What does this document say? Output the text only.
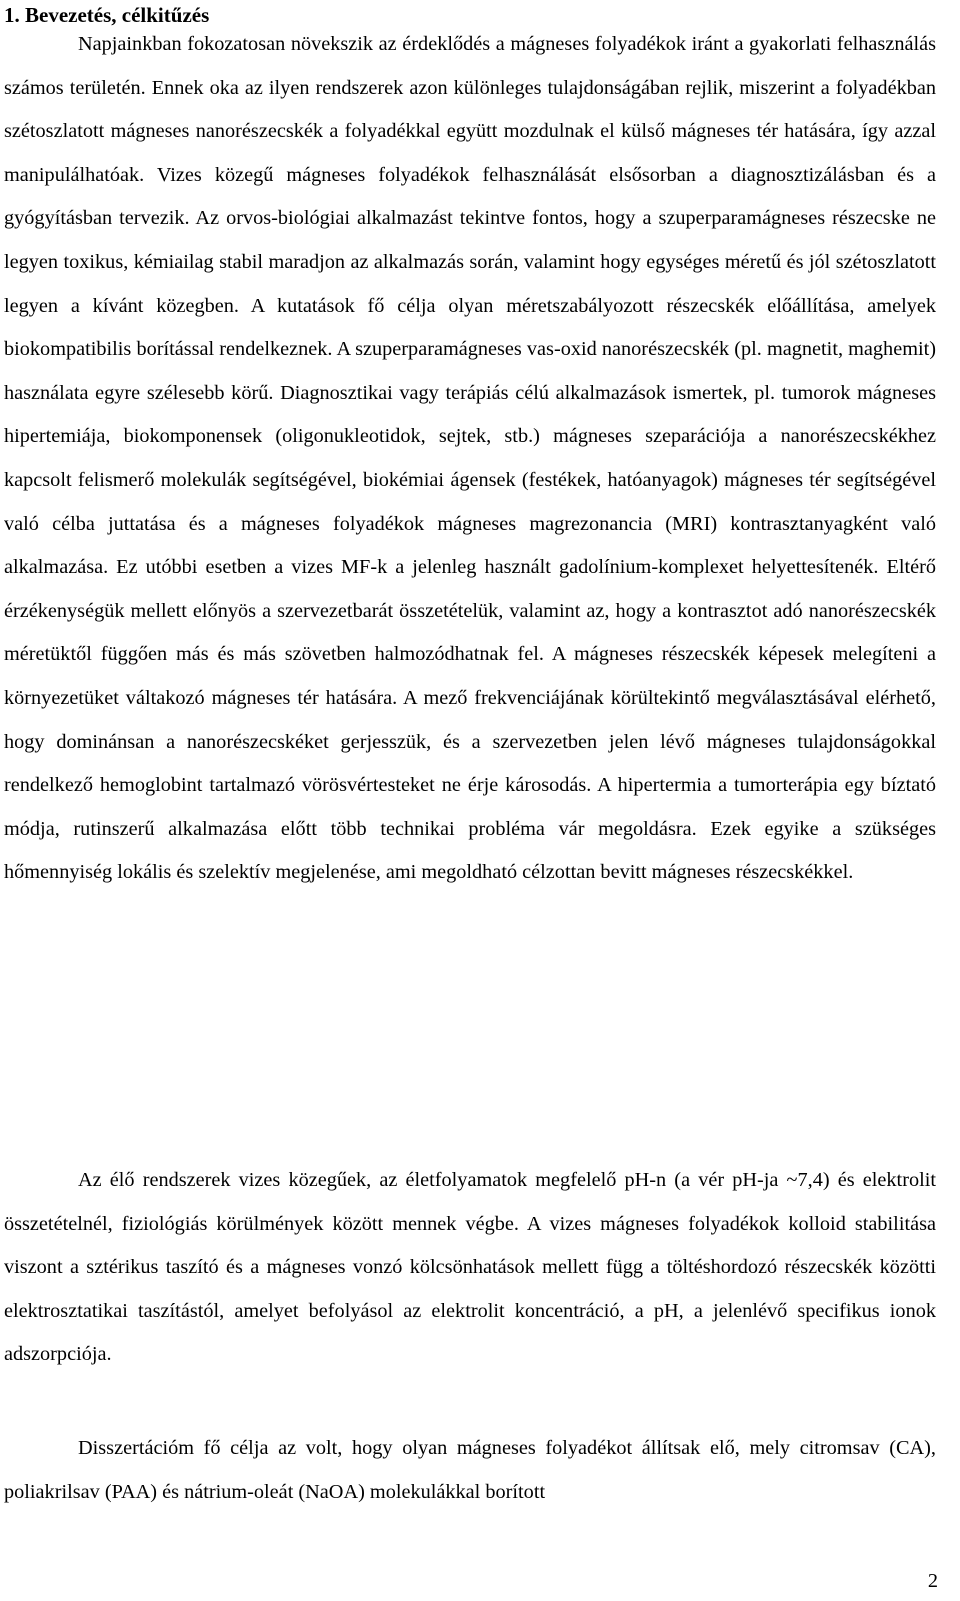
1. Bevezetés, célkitűzés

Napjainkban fokozatosan növekszik az érdeklődés a mágneses folyadékok iránt a gyakorlati felhasználás számos területén. Ennek oka az ilyen rendszerek azon különleges tulajdonságában rejlik, miszerint a folyadékban szétoszlatott mágneses nanorészecskék a folyadékkal együtt mozdulnak el külső mágneses tér hatására, így azzal manipulálhatóak. Vizes közegű mágneses folyadékok felhasználását elsősorban a diagnosztizálásban és a gyógyításban tervezik. Az orvos-biológiai alkalmazást tekintve fontos, hogy a szuperparamágneses részecske ne legyen toxikus, kémiailag stabil maradjon az alkalmazás során, valamint hogy egységes méretű és jól szétoszlatott legyen a kívánt közegben. A kutatások fő célja olyan méretszabályozott részecskék előállítása, amelyek biokompatibilis borítással rendelkeznek. A szuperparamágneses vas-oxid nanorészecskék (pl. magnetit, maghemit) használata egyre szélesebb körű. Diagnosztikai vagy terápiás célú alkalmazások ismertek, pl. tumorok mágneses hipertemiája, biokomponensek (oligonukleotidok, sejtek, stb.) mágneses szeparációja a nanorészecskékhez kapcsolt felismerő molekulák segítségével, biokémiai ágensek (festékek, hatóanyagok) mágneses tér segítségével való célba juttatása és a mágneses folyadékok mágneses magrezonancia (MRI) kontrasztanyagként való alkalmazása. Ez utóbbi esetben a vizes MF-k a jelenleg használt gadolínium-komplexet helyettesítenék. Eltérő érzékenységük mellett előnyös a szervezetbarát összetételük, valamint az, hogy a kontrasztot adó nanorészecskék méretüktől függően más és más szövetben halmozódhatnak fel. A mágneses részecskék képesek melegíteni a környezetüket váltakozó mágneses tér hatására. A mező frekvenciájának körültekintő megválasztásával elérhető, hogy dominánsan a nanorészecskéket gerjesszük, és a szervezetben jelen lévő mágneses tulajdonságokkal rendelkező hemoglobint tartalmazó vörösvértesteket ne érje károsodás. A hipertermia a tumorterápia egy bíztató módja, rutinszerű alkalmazása előtt több technikai probléma vár megoldásra. Ezek egyike a szükséges hőmennyiség lokális és szelektív megjelenése, ami megoldható célzottan bevitt mágneses részecskékkel.

Az élő rendszerek vizes közegűek, az életfolyamatok megfelelő pH-n (a vér pH-ja ~7,4) és elektrolit összetételnél, fiziológiás körülmények között mennek végbe. A vizes mágneses folyadékok kolloid stabilitása viszont a sztérikus taszító és a mágneses vonzó kölcsönhatások mellett függ a töltéshordozó részecskék közötti elektrosztatikai taszítástól, amelyet befolyásol az elektrolit koncentráció, a pH, a jelenlévő specifikus ionok adszorpciója.

Disszertációm fő célja az volt, hogy olyan mágneses folyadékot állítsak elő, mely citromsav (CA), poliakrilsav (PAA) és nátrium-oleát (NaOA) molekulákkal borított

2
